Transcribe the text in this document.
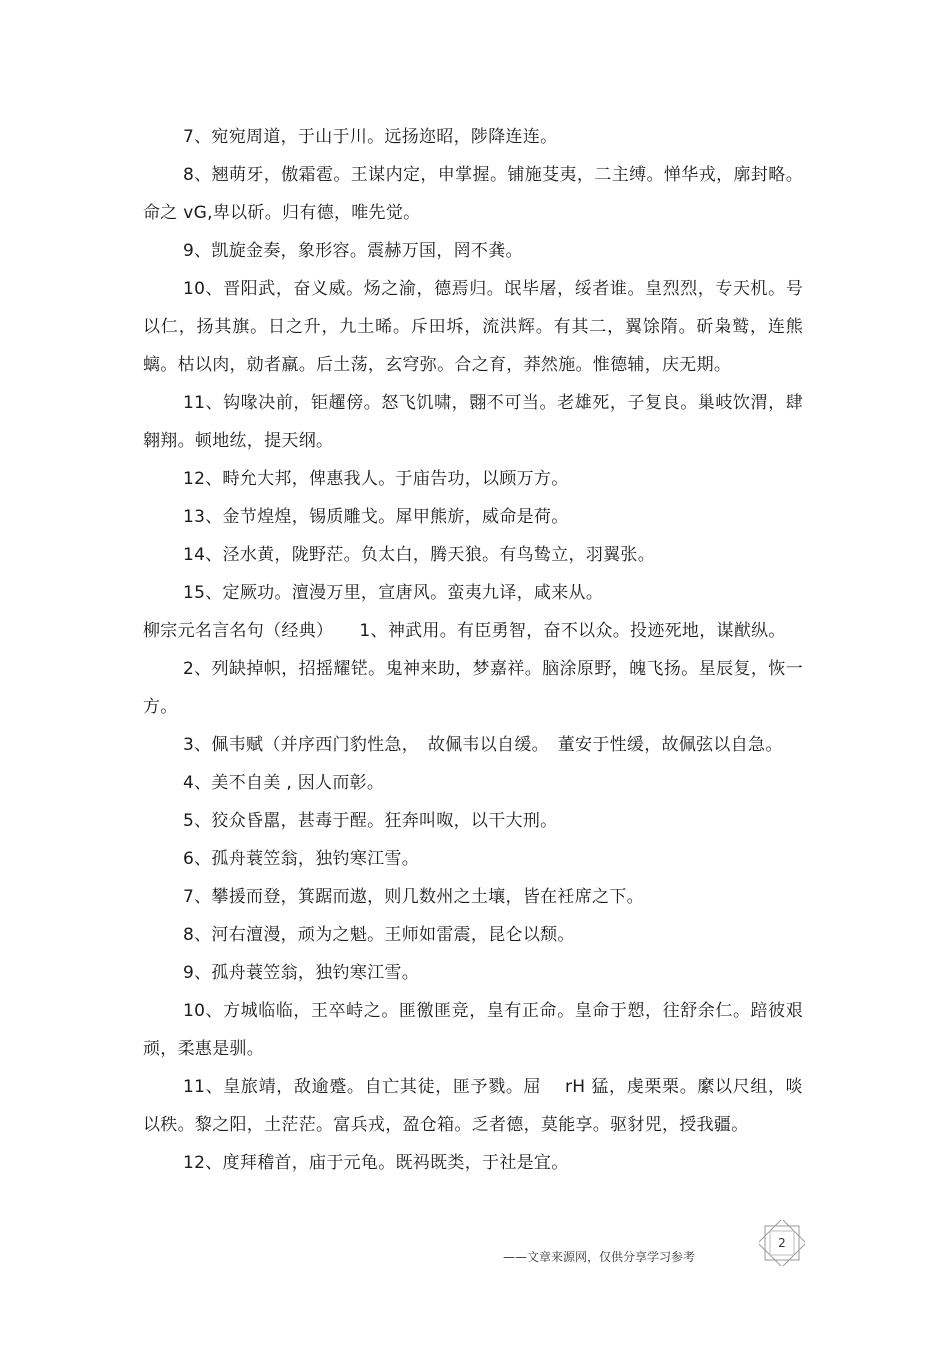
7、宛宛周道，于山于川。远扬迩昭，陟降连连。

8、翘萌牙，傲霜雹。王谋内定，申掌握。铺施芟夷，二主缚。惮华戎，廓封略。命之 vG,卑以斫。归有德，唯先觉。

9、凯旋金奏，象形容。震赫万国，罔不龚。

10、晋阳武，奋义威。炀之渝，德焉归。氓毕屠，绥者谁。皇烈烈，专天机。号以仁，扬其旗。日之升，九土晞。斥田坼，流洪辉。有其二，翼馀隋。斫枭鹫，连熊螭。枯以肉，勍者羸。后土荡，玄穹弥。合之育，莽然施。惟德辅，庆无期。

11、钩喙决前，钜趯傍。怒飞饥啸，翾不可当。老雄死，子复良。巢岐饮渭，肆翱翔。顿地纮，提天纲。

12、畤允大邦，俾惠我人。于庙告功，以顾万方。

13、金节煌煌，锡质雕戈。犀甲熊旂，威命是荷。

14、泾水黄，陇野茫。负太白，腾天狼。有鸟鸷立，羽翼张。

15、定厥功。澶漫万里，宣唐风。蛮夷九译，咸来从。

柳宗元名言名句（经典）　　1、神武用。有臣勇智，奋不以众。投迹死地，谋猷纵。

2、列缺掉帜，招摇耀铓。鬼神来助，梦嘉祥。脑涂原野，魄飞扬。星辰复，恢一方。

3、佩韦赋（并序西门豹性急，　故佩韦以自缓。　董安于性缓，故佩弦以自急。

4、美不自美 , 因人而彰。

5、狡众昏嚚，甚毒于酲。狂奔叫呶，以干大刑。

6、孤舟蓑笠翁，独钓寒江雪。

7、攀援而登，箕踞而遨，则几数州之土壤，皆在衽席之下。

8、河右澶漫，顽为之魁。王师如雷震，昆仑以颓。

9、孤舟蓑笠翁，独钓寒江雪。

10、方城临临，王卒峙之。匪徼匪竞，皇有正命。皇命于愬，往舒余仁。踣彼艰顽，柔惠是驯。

11、皇旅靖，敌逾蹙。自亡其徒，匪予戮。屈　 rH 猛，虔栗栗。縻以尺组，啖以秩。黎之阳，土茫茫。富兵戎，盈仓箱。乏者德，莫能享。驱豺兕，授我疆。

12、度拜稽首，庙于元龟。既祃既类，于社是宜。

2
——文章来源网，仅供分享学习参考
